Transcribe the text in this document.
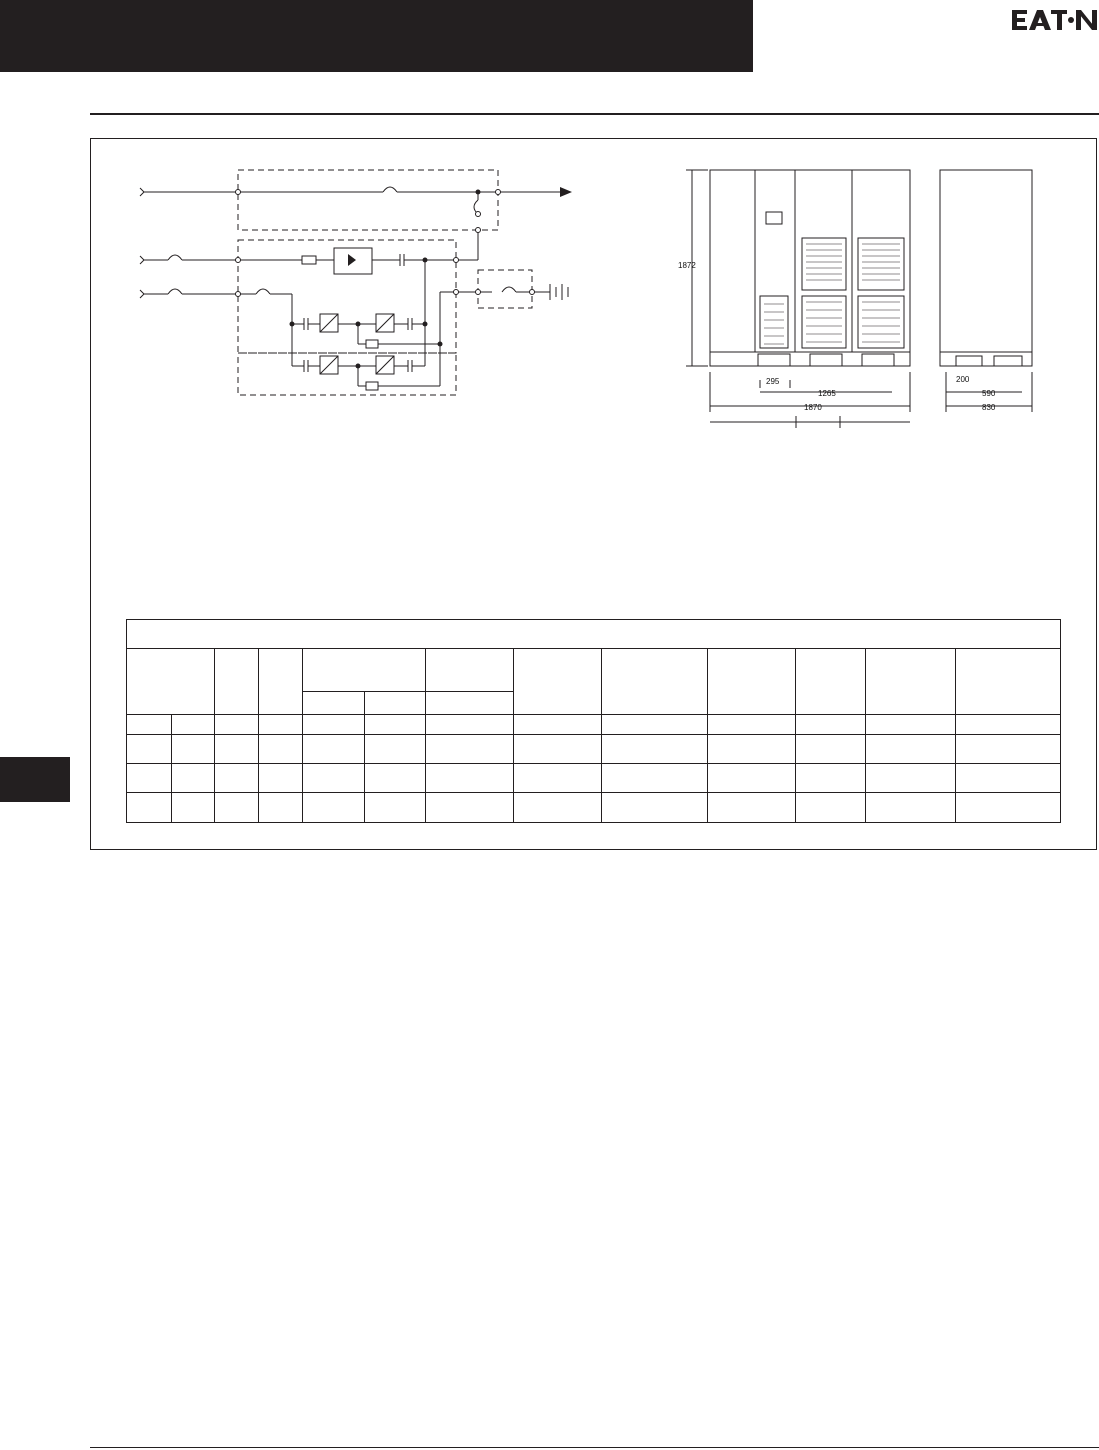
1872
295
1265
1870
200
590
830
